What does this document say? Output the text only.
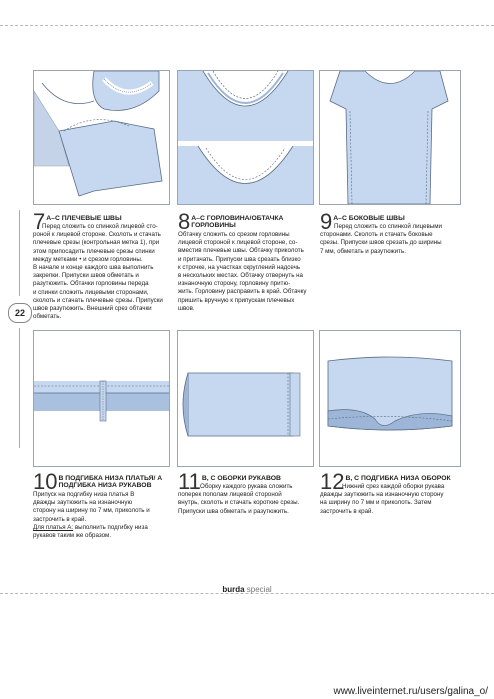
22
7 А–С ПЛЕЧЕВЫЕ ШВЫ

Перед сложить со спинкой лицевой сто-

роной к лицевой стороне. Сколоть и стачать

плечевые срезы (контрольная метка 1), при

этом припосадить плечевые срезы спинки

между метками • и срезом горловины.

В начале и конце каждого шва выполнить

закрепки. Припуски швов обметать и

разутюжить. Обтачки горловины переда

и спинки сложить лицевыми сторонами,

сколоть и стачать плечевые срезы. Припуски

швов разутюжить. Внешний срез обтачки

обметать.

8 А–С ГОРЛОВИНА/ОБТАЧКА ГОРЛОВИНЫ

Обтачку сложить со срезом горловины

лицевой стороной к лицевой стороне, со-

вместив плечевые швы. Обтачку приколоть

и притачать. Припуски шва срезать близко

к строчке, на участках скруглений надсечь

в нескольких местах. Обтачку отвернуть на

изнаночную сторону, горловину притю-

жить. Горловину расправить в край. Обтачку

пришить вручную к припускам плечевых

швов.

9 А–С БОКОВЫЕ ШВЫ

Перед сложить со спинкой лицевыми

сторонами. Сколоть и стачать боковые

срезы. Припуски швов срезать до ширины

7 мм, обметать и разутюжить.

10 В ПОДГИБКА НИЗА ПЛАТЬЯ/ А ПОДГИБКА НИЗА РУКАВОВ

Припуск на подгибку низа платья В

дважды заутюжить на изнаночную

сторону на ширину по 7 мм, приколоть и

застрочить в край.

Для платья А: выполнить подгибку низа

рукавов таким же образом.

11 В, С ОБОРКИ РУКАВОВ

Оборку каждого рукава сложить

поперек пополам лицевой стороной

внутрь, сколоть и стачать короткие срезы.

Припуски шва обметать и разутюжить.

12 В, С ПОДГИБКА НИЗА ОБОРОК

Нижний срез каждой оборки рукава

дважды заутюжить на изнаночную сторону

на ширину по 7 мм и приколоть. Затем

застрочить в край.

burda special
www.liveinternet.ru/users/galina_o/
